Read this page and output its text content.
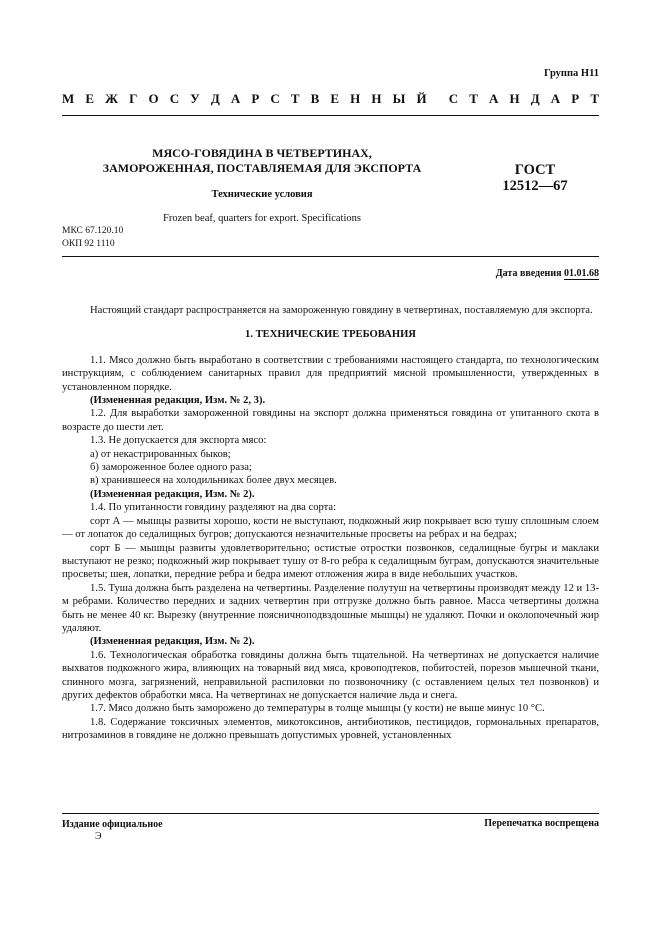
Группа Н11
М Е Ж Г О С У Д А Р С Т В Е Н Н Ы Й С Т А Н Д А Р Т
МЯСО-ГОВЯДИНА В ЧЕТВЕРТИНАХ,
ЗАМОРОЖЕННАЯ, ПОСТАВЛЯЕМАЯ ДЛЯ ЭКСПОРТА
Технические условия
Frozen beaf, quarters for export. Specifications
ГОСТ
12512—67
МКС 67.120.10
ОКП 92 1110
Дата введения 01.01.68

Настоящий стандарт распространяется на замороженную говядину в четвертинах, поставляемую для экспорта.

1. ТЕХНИЧЕСКИЕ ТРЕБОВАНИЯ

1.1. Мясо должно быть выработано в соответствии с требованиями настоящего стандарта, по технологическим инструкциям, с соблюдением санитарных правил для предприятий мясной промышленности, утвержденных в установленном порядке.

(Измененная редакция, Изм. № 2, 3).

1.2. Для выработки замороженной говядины на экспорт должна применяться говядина от упитанного скота в возрасте до шести лет.

1.3. Не допускается для экспорта мясо:

а) от некастрированных быков;

б) замороженное более одного раза;

в) хранившееся на холодильниках более двух месяцев.

(Измененная редакция, Изм. № 2).

1.4. По упитанности говядину разделяют на два сорта:

сорт А — мышцы развиты хорошо, кости не выступают, подкожный жир покрывает всю тушу сплошным слоем — от лопаток до седалищных бугров; допускаются незначительные просветы на ребрах и на бедрах;

сорт Б — мышцы развиты удовлетворительно; остистые отростки позвонков, седалищные бугры и маклаки выступают не резко; подкожный жир покрывает тушу от 8-го ребра к седалищным буграм, допускаются значительные просветы; шея, лопатки, передние ребра и бедра имеют отложения жира в виде небольших участков.

1.5. Туша должна быть разделена на четвертины. Разделение полутуш на четвертины производят между 12 и 13-м ребрами. Количество передних и задних четвертин при отгрузке должно быть равное. Масса четвертины должна быть не менее 40 кг. Вырезку (внутренние поясничноподвздошные мышцы) не удаляют. Почки и околопочечный жир удаляют.

(Измененная редакция, Изм. № 2).

1.6. Технологическая обработка говядины должна быть тщательной. На четвертинах не допускается наличие выхватов подкожного жира, влияющих на товарный вид мяса, кровоподтеков, побитостей, порезов мышечной ткани, спинного мозга, загрязнений, неправильной распиловки по позвоночнику (с оставлением целых тел позвонков) и других дефектов обработки мяса. На четвертинах не допускается наличие льда и снега.

1.7. Мясо должно быть заморожено до температуры в толще мышцы (у кости) не выше минус 10 °С.

1.8. Содержание токсичных элементов, микотоксинов, антибиотиков, пестицидов, гормональных препаратов, нитрозаминов в говядине не должно превышать допустимых уровней, установленных

Издание официальное
Э
Перепечатка воспрещена
